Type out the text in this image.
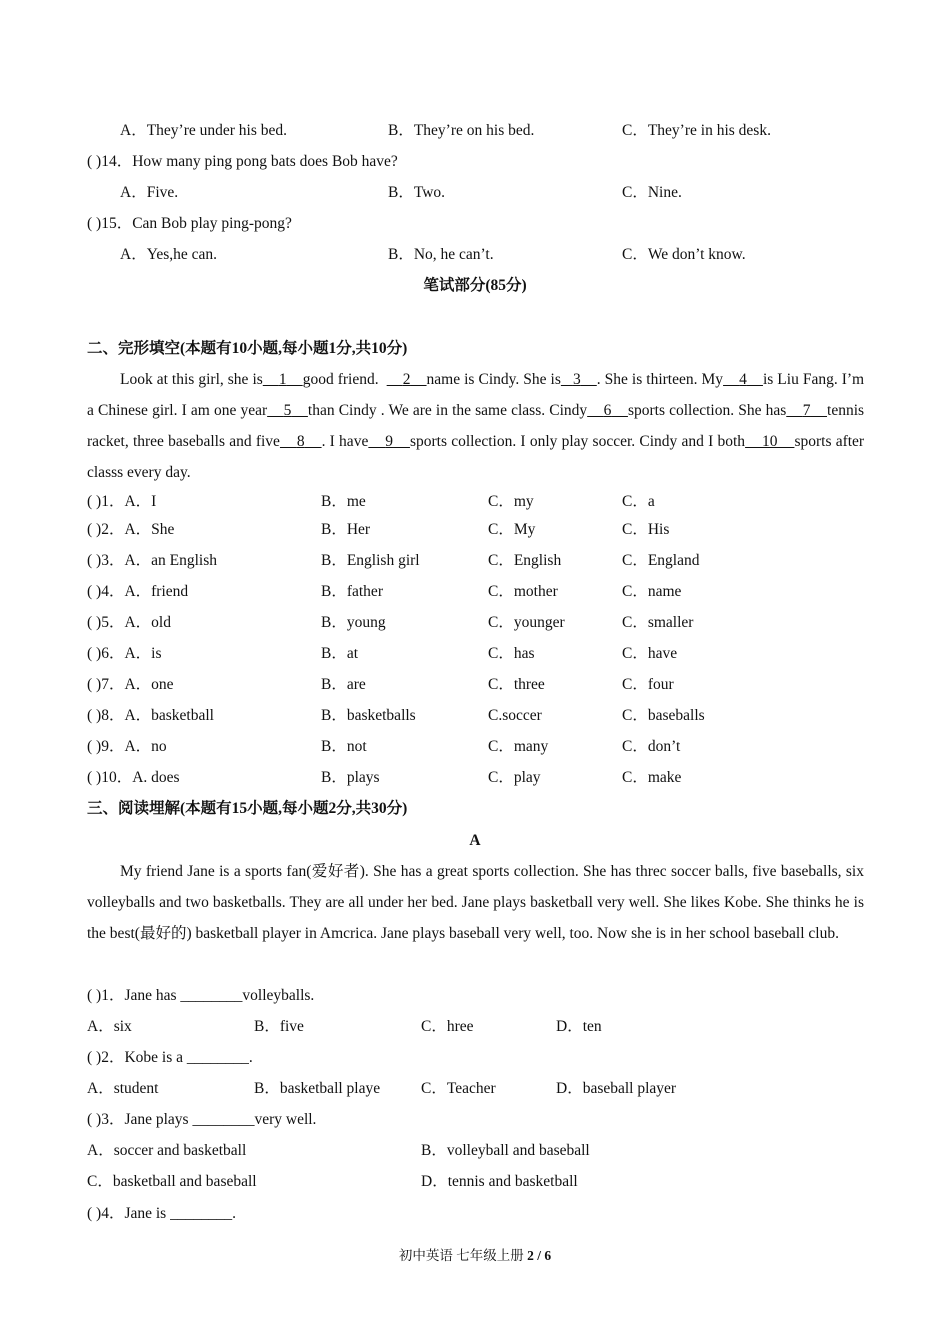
A．They’re under his bed.	B．They’re on his bed.	C．They’re in his desk.
( )14．How many ping pong bats does Bob have?
A．Five.	B．Two.	C．Nine.
( )15．Can Bob play ping-pong?
A．Yes,he can.	B．No, he can’t.	C．We don’t know.
笔试部分(85分)
二、完形填空(本题有10小题,每小题1分,共10分)
Look at this girl, she is 1 good friend. 2 name is Cindy. She is 3 . She is thirteen. My 4 is Liu Fang. I’m a Chinese girl. I am one year 5 than Cindy . We are in the same class. Cindy 6 sports collection. She has 7 tennis racket, three baseballs and five 8 . I have 9 sports collection. I only play soccer. Cindy and I both 10 sports after classs every day.
( )1．A．I	B．me	C．my	C．a
( )2．A．She	B．Her	C．My	C．His
( )3．A．an English	B．English girl	C．English	C．England
( )4．A．friend	B．father	C．mother	C．name
( )5．A．old	B．young	C．younger	C．smaller
( )6．A．is	B．at	C．has	C．have
( )7．A．one	B．are	C．three	C．four
( )8．A．basketball	B．basketballs	C.soccer	C．baseballs
( )9．A．no	B．not	C．many	C．don’t
( )10．A. does	B．plays	C．play	C．make
三、阅读埋解(本题有15小题,每小题2分,共30分)
A
My friend Jane is a sports fan(爱好者). She has a great sports collection. She has threc soccer balls, five baseballs, six volleyballs and two basketballs. They are all under her bed. Jane plays basketball very well. She likes Kobe. She thinks he is the best(最好的) basketball player in Amcrica. Jane plays baseball very well, too. Now she is in her school baseball club.
( )1．Jane has ________volleyballs.
A．six	B．five	C．hree	D．ten
( )2．Kobe is a ________.
A．student	B．basketball playe	C．Teacher	D．baseball player
( )3．Jane plays ________very well.
A．soccer and basketball	B．volleyball and baseball
C．basketball and baseball	D．tennis and basketball
( )4．Jane is ________.
初中英语 七年级上册 2 / 6
